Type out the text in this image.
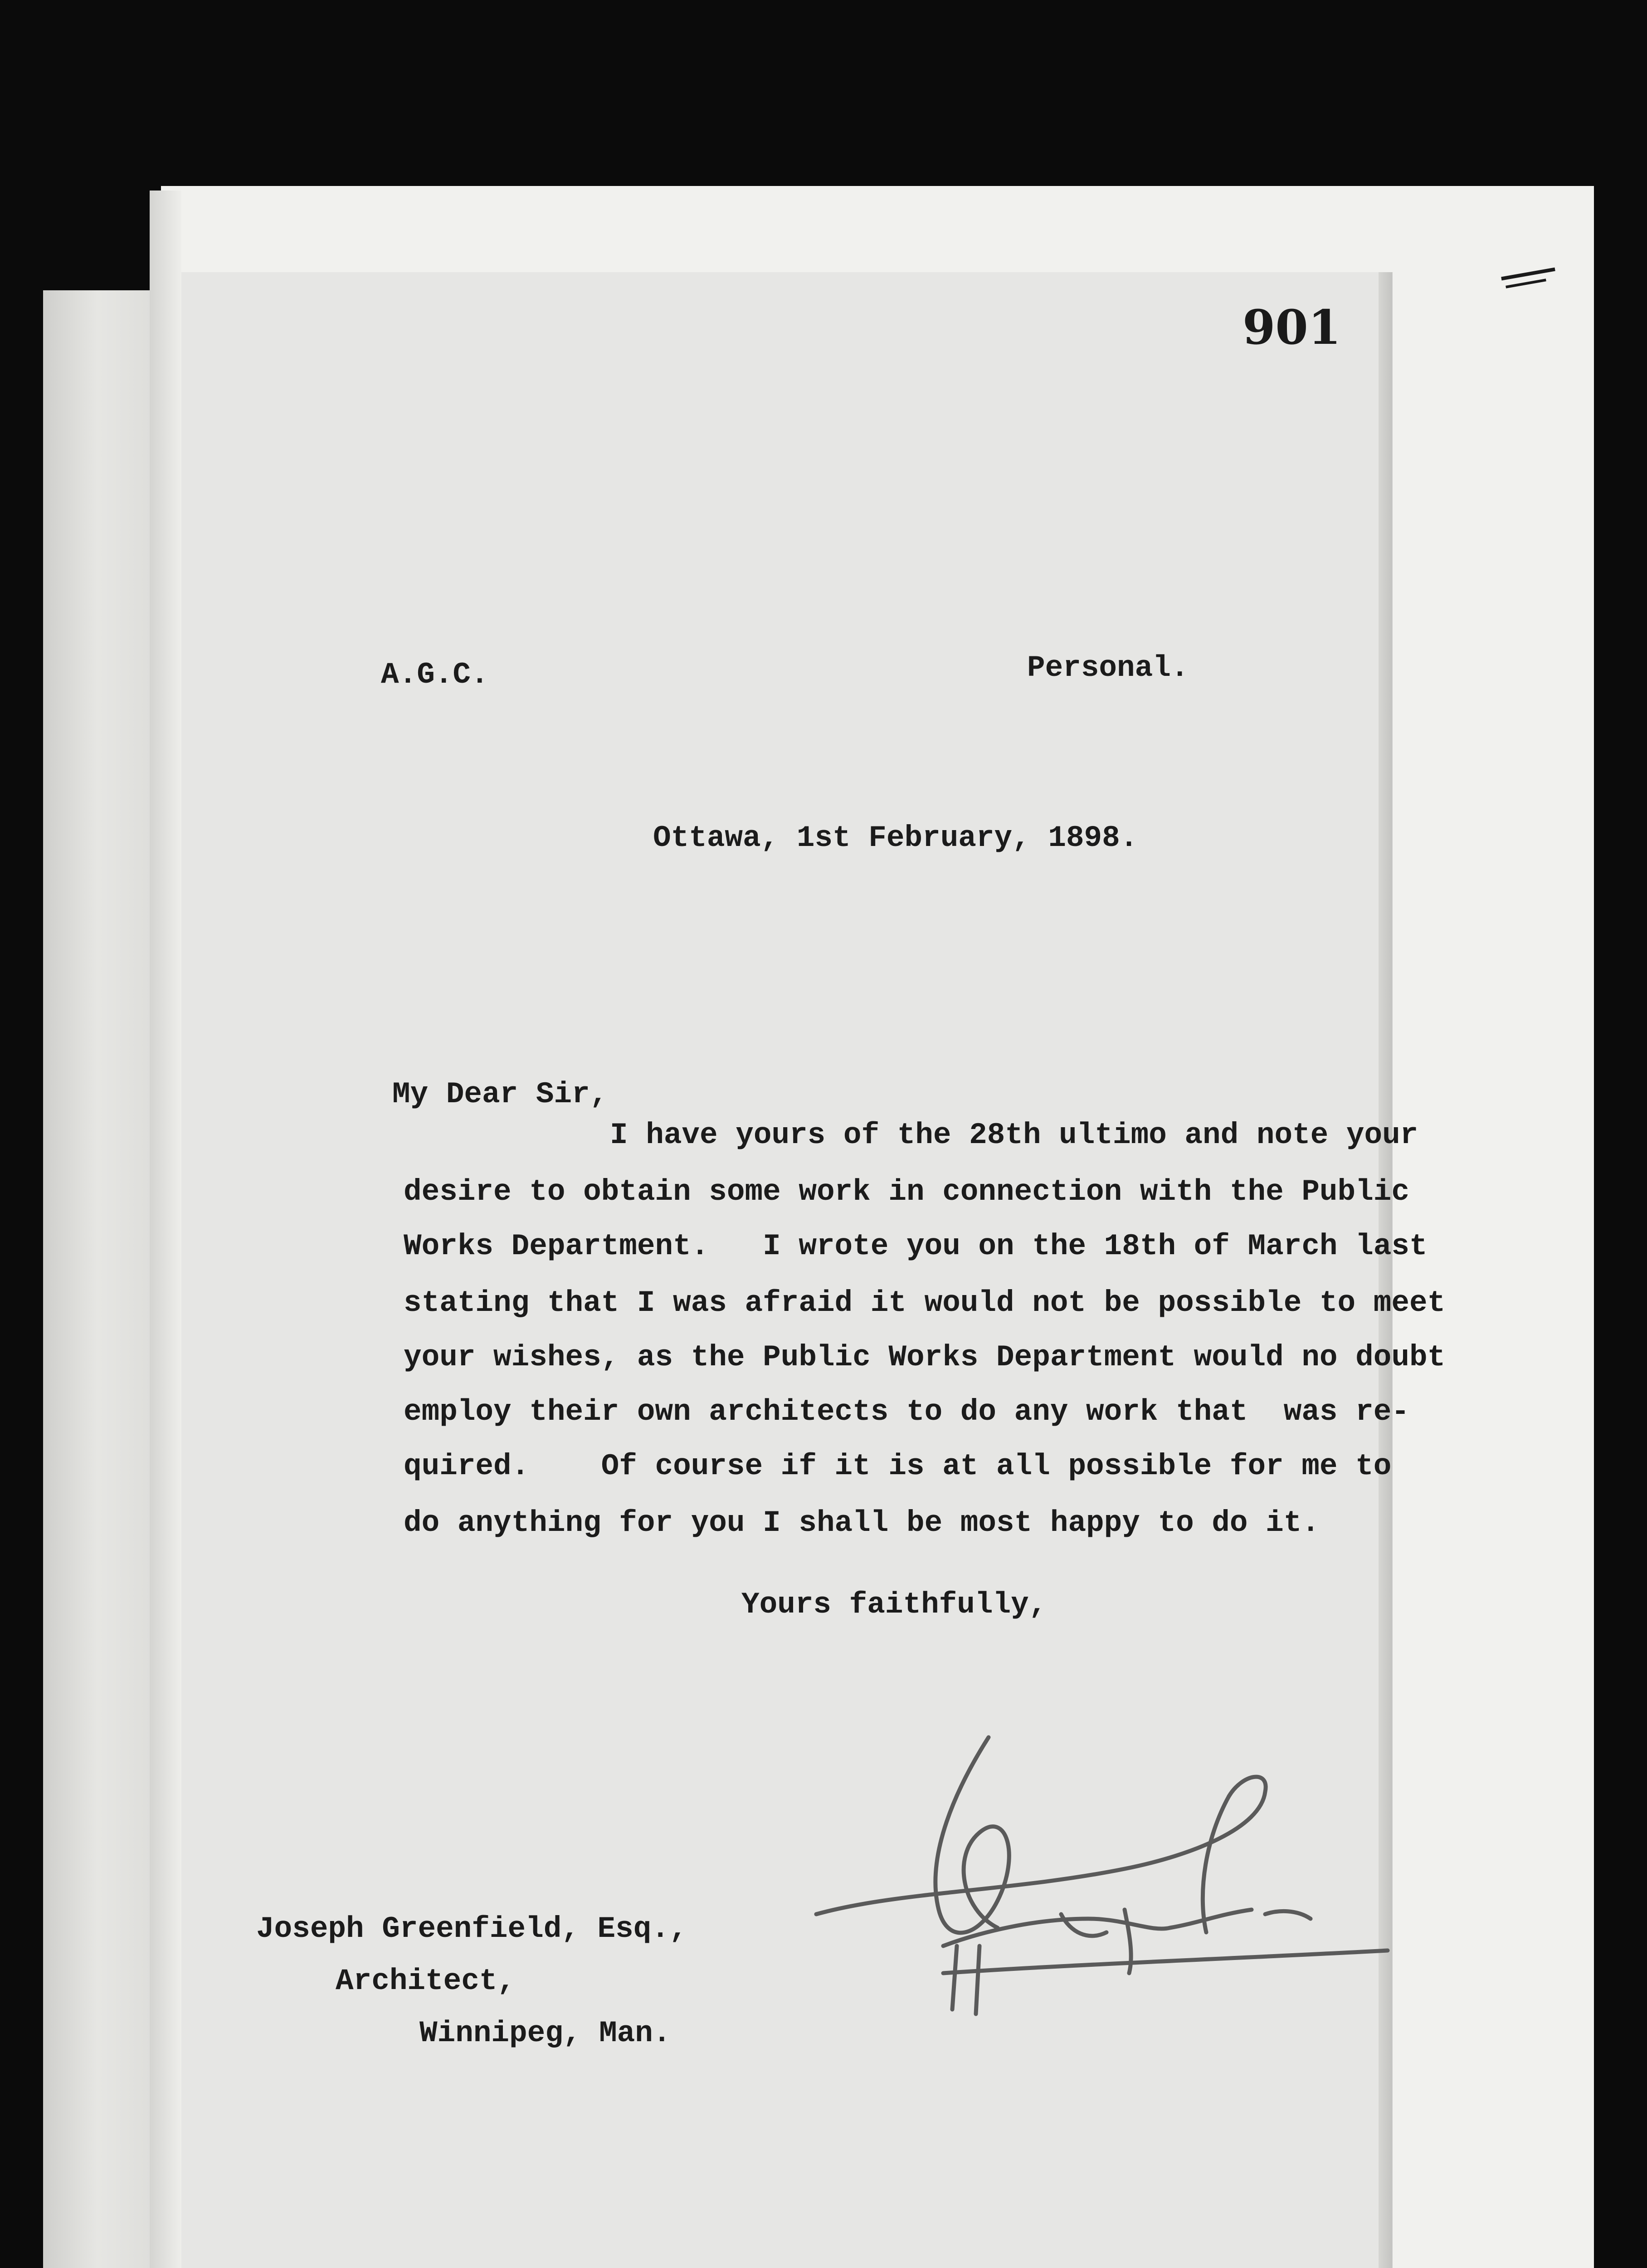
901
A.G.C.	Personal.
Ottawa, 1st February, 1898.
My Dear Sir,
I have yours of the 28th ultimo and note your
desire to obtain some work in connection with the Public
Works Department.   I wrote you on the 18th of March last
stating that I was afraid it would not be possible to meet
your wishes, as the Public Works Department would no doubt
employ their own architects to do any work that  was re-
quired.    Of course if it is at all possible for me to
do anything for you I shall be most happy to do it.
Yours faithfully,
Joseph Greenfield, Esq.,
Architect,
Winnipeg, Man.
